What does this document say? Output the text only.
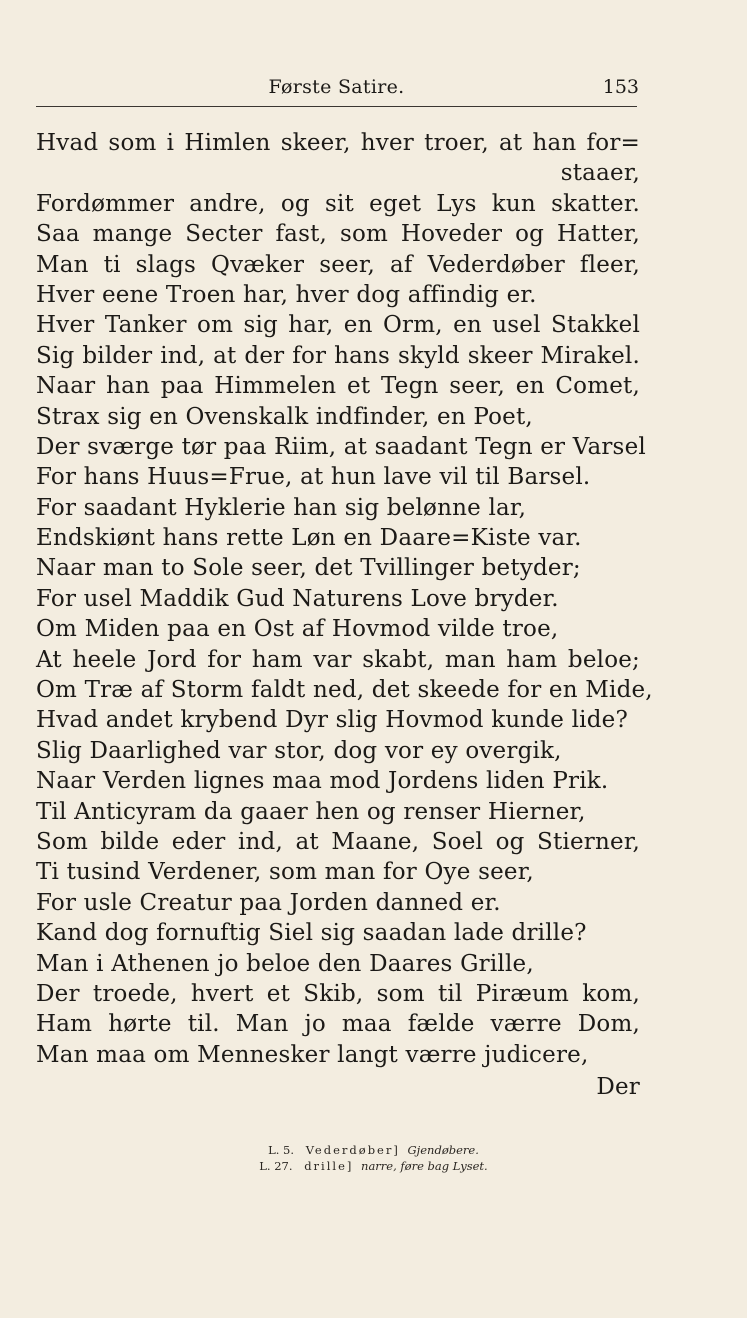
Første Satire.	153
Hvad som i Himlen skeer, hver troer, at han for=
staaer,
Fordømmer andre, og sit eget Lys kun skatter.
Saa mange Secter fast, som Hoveder og Hatter,
Man ti slags Qvæker seer, af Vederdøber fleer,
Hver eene Troen har, hver dog affindig er.
Hver Tanker om sig har, en Orm, en usel Stakkel
Sig bilder ind, at der for hans skyld skeer Mirakel.
Naar han paa Himmelen et Tegn seer, en Comet,
Strax sig en Ovenskalk indfinder, en Poet,
Der sværge tør paa Riim, at saadant Tegn er Varsel
For hans Huus=Frue, at hun lave vil til Barsel.
For saadant Hyklerie han sig belønne lar,
Endskiønt hans rette Løn en Daare=Kiste var.
Naar man to Sole seer, det Tvillinger betyder;
For usel Maddik Gud Naturens Love bryder.
Om Miden paa en Ost af Hovmod vilde troe,
At heele Jord for ham var skabt, man ham beloe;
Om Træ af Storm faldt ned, det skeede for en Mide,
Hvad andet krybend Dyr slig Hovmod kunde lide?
Slig Daarlighed var stor, dog vor ey overgik,
Naar Verden lignes maa mod Jordens liden Prik.
Til Anticyram da gaaer hen og renser Hierner,
Som bilde eder ind, at Maane, Soel og Stierner,
Ti tusind Verdener, som man for Oye seer,
For usle Creatur paa Jorden danned er.
Kand dog fornuftig Siel sig saadan lade drille?
Man i Athenen jo beloe den Daares Grille,
Der troede, hvert et Skib, som til Piræum kom,
Ham hørte til. Man jo maa fælde værre Dom,
Man maa om Mennesker langt værre judicere,
Der
L. 5. Vederdøber] Gjendøbere.
L. 27. drille] narre, føre bag Lyset.
